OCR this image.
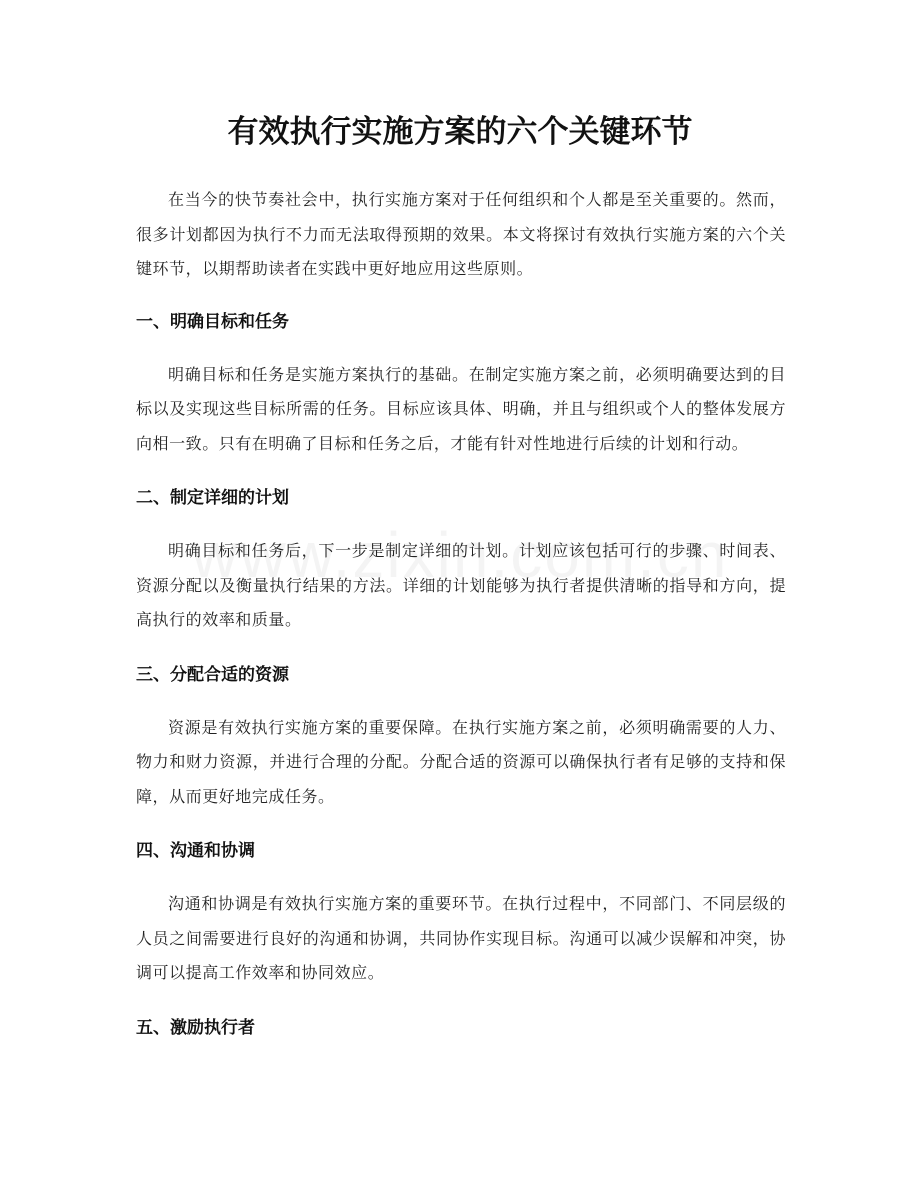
有效执行实施方案的六个关键环节

在当今的快节奏社会中，执行实施方案对于任何组织和个人都是至关重要的。然而，很多计划都因为执行不力而无法取得预期的效果。本文将探讨有效执行实施方案的六个关键环节，以期帮助读者在实践中更好地应用这些原则。

一、明确目标和任务

明确目标和任务是实施方案执行的基础。在制定实施方案之前，必须明确要达到的目标以及实现这些目标所需的任务。目标应该具体、明确，并且与组织或个人的整体发展方向相一致。只有在明确了目标和任务之后，才能有针对性地进行后续的计划和行动。

二、制定详细的计划

明确目标和任务后，下一步是制定详细的计划。计划应该包括可行的步骤、时间表、资源分配以及衡量执行结果的方法。详细的计划能够为执行者提供清晰的指导和方向，提高执行的效率和质量。

三、分配合适的资源

资源是有效执行实施方案的重要保障。在执行实施方案之前，必须明确需要的人力、物力和财力资源，并进行合理的分配。分配合适的资源可以确保执行者有足够的支持和保障，从而更好地完成任务。

四、沟通和协调

沟通和协调是有效执行实施方案的重要环节。在执行过程中，不同部门、不同层级的人员之间需要进行良好的沟通和协调，共同协作实现目标。沟通可以减少误解和冲突，协调可以提高工作效率和协同效应。

五、激励执行者
